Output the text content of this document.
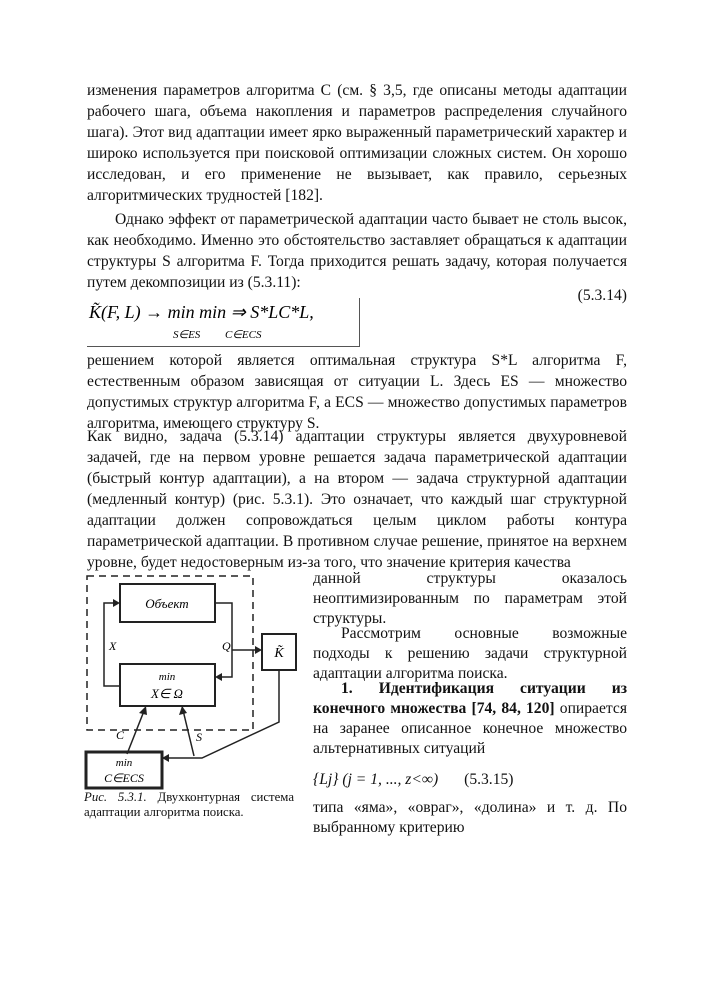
изменения параметров алгоритма C (см. § 3,5, где описаны методы адаптации рабочего шага, объема накопления и параметров распределения случайного шага). Этот вид адаптации имеет ярко выраженный параметрический характер и широко используется при поисковой оптимизации сложных систем. Он хорошо исследован, и его применение не вызывает, как правило, серьезных алгоритмических трудностей [182].

Однако эффект от параметрической адаптации часто бывает не столь высок, как необходимо. Именно это обстоятельство заставляет обращаться к адаптации структуры S алгоритма F. Тогда приходится решать задачу, которая получается путем декомпозиции из (5.3.11):

K̃(F, L) → min min ⇒ S*LC*L,
S∈ES C∈ECS
(5.3.14)

решением которой является оптимальная структура S*L алгоритма F, естественным образом зависящая от ситуации L. Здесь ES — множество допустимых структур алгоритма F, а ECS — множество допустимых параметров алгоритма, имеющего структуру S.

Как видно, задача (5.3.14) адаптации структуры является двухуровневой задачей, где на первом уровне решается задача параметрической адаптации (быстрый контур адаптации), а на втором — задача структурной адаптации (медленный контур) (рис. 5.3.1). Это означает, что каждый шаг структурной адаптации должен сопровождаться целым циклом работы контура параметрической адаптации. В противном случае решение, принятое на верхнем уровне, будет недостоверным из-за того, что значение критерия качества

Объект
min
X∈ Ω
X	Q	K̃
S
C
min
C∈ECS
Рис. 5.3.1. Двухконтурная система адаптации алгоритма поиска.

данной структуры оказалось неоптимизированным по параметрам этой структуры.

Рассмотрим основные возможные подходы к решению задачи структурной адаптации алгоритма поиска.

1. Идентификация ситуации из конечного множества [74, 84, 120] опирается на заранее описанное конечное множество альтернативных ситуаций

{Lj} (j = 1, ..., z<∞) (5.3.15)

типа «яма», «овраг», «долина» и т. д. По выбранному критерию
